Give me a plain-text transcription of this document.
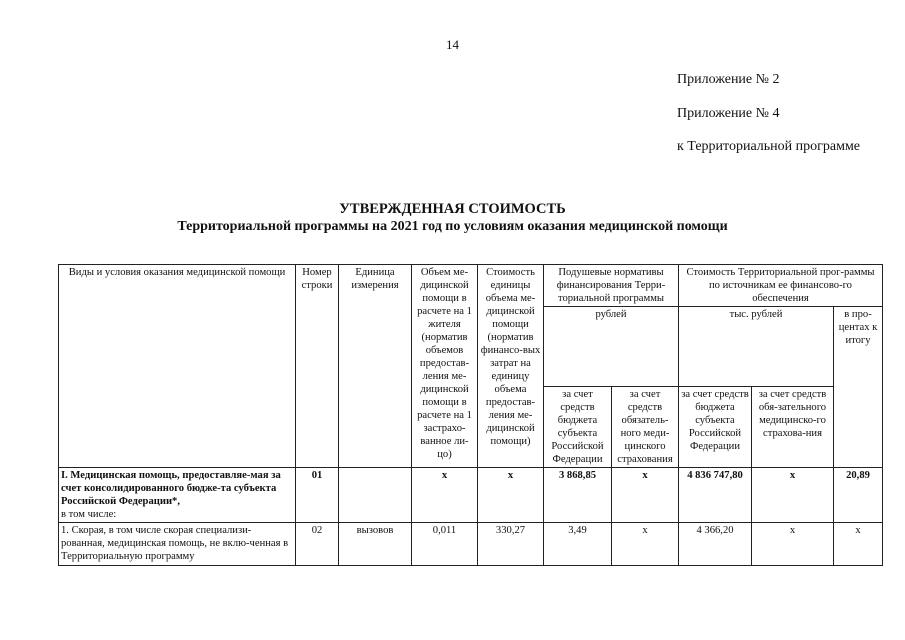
14
Приложение № 2
Приложение № 4
к Территориальной программе
УТВЕРЖДЕННАЯ СТОИМОСТЬ
Территориальной программы на 2021 год по условиям оказания медицинской помощи
Виды и условия оказания медицинской помощи	Номер строки	Единица измерения	Объем ме-дицинской помощи в расчете на 1 жителя (норматив объемов предостав-ления ме-дицинской помощи в расчете на 1 застрахо-ванное ли-цо)	Стоимость единицы объема ме-дицинской помощи (норматив финансо-вых затрат на единицу объема предостав-ления ме-дицинской помощи)	Подушевые нормативы финансирования Терри-ториальной программы		Стоимость Территориальной прог-раммы по источникам ее финансово-го обеспечения		
					рублей		тыс. рублей		в про-центах к итогу
					за счет средств бюджета субъекта Российской Федерации	за счет средств обязатель-ного меди-цинского страхования	за счет средств бюджета субъекта Российской Федерации	за счет средств обя-зательного медицинско-го страхова-ния	
I. Медицинская помощь, предоставляе-мая за счет консолидированного бюдже-та субъекта Российской Федерации*,
в том числе:	01		х	х	3 868,85	х	4 836 747,80	х	20,89
1. Скорая, в том числе скорая специализи-рованная, медицинская помощь, не вклю-ченная в Территориальную программу	02	вызовов	0,011	330,27	3,49	х	4 366,20	х	х
